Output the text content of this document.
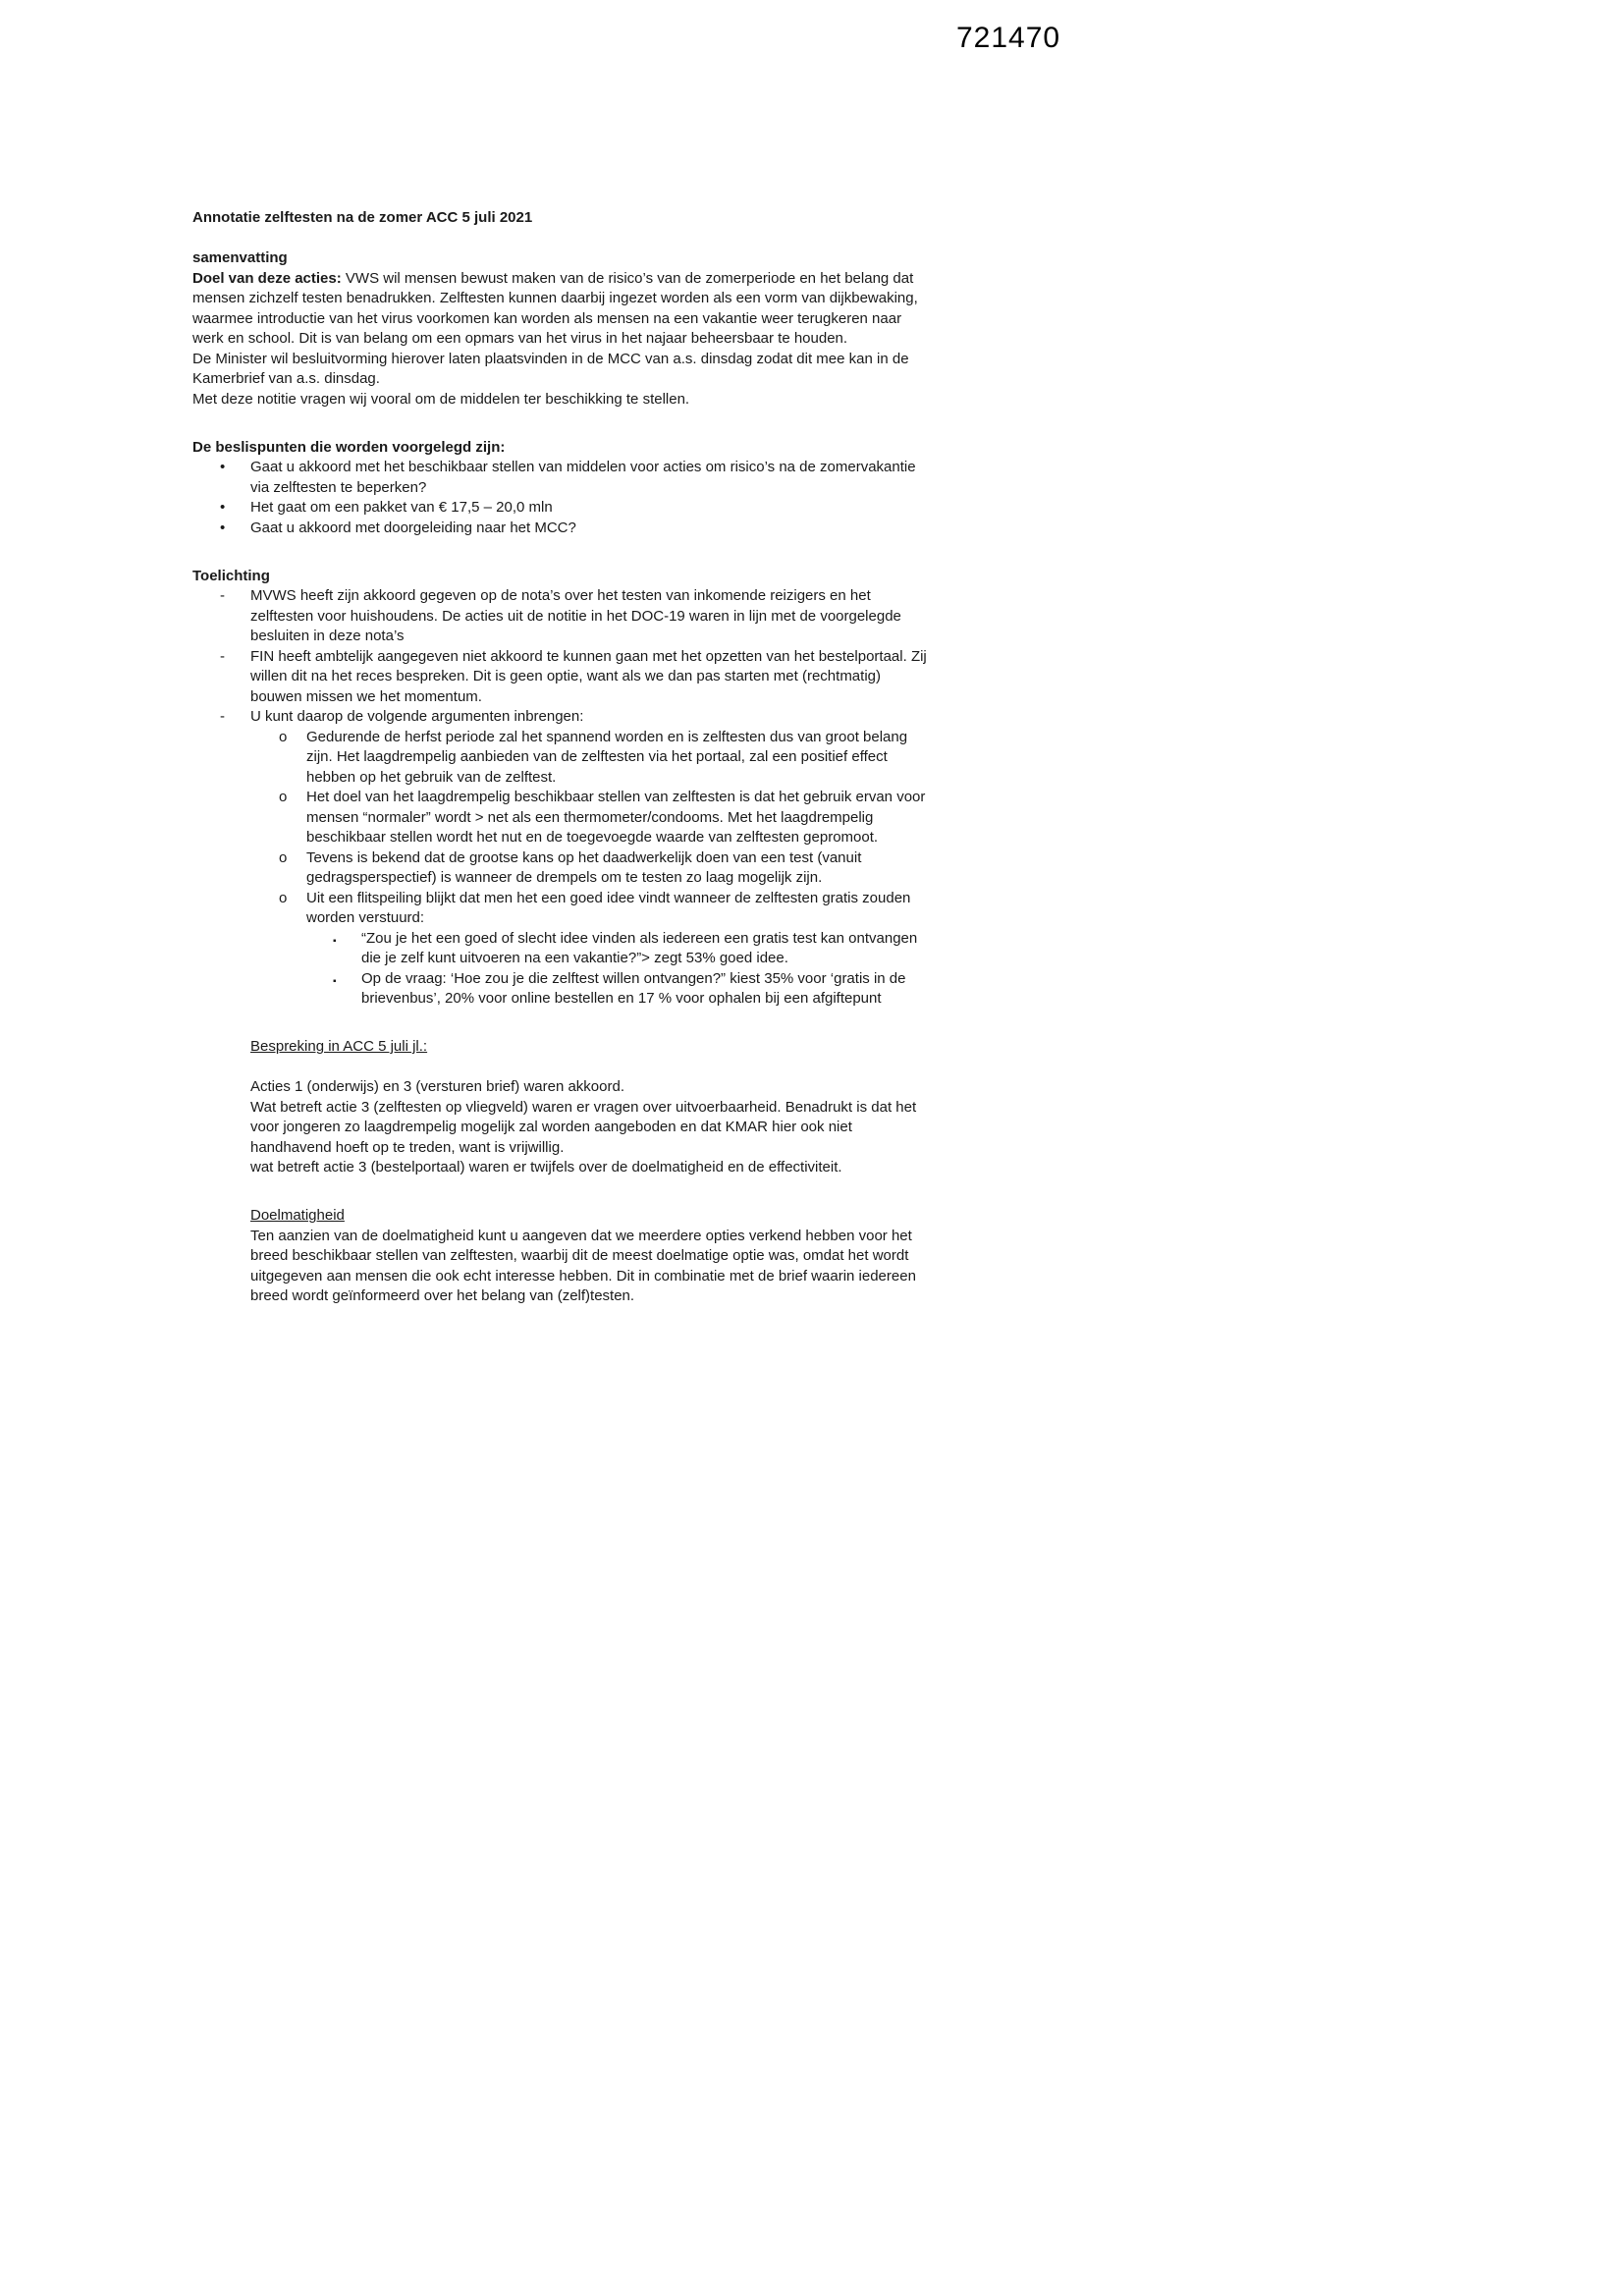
721470

Annotatie zelftesten na de zomer ACC 5 juli 2021

samenvatting

Doel van deze acties: VWS wil mensen bewust maken van de risico’s van de zomerperiode en het belang dat mensen zichzelf testen benadrukken. Zelftesten kunnen daarbij ingezet worden als een vorm van dijkbewaking, waarmee introductie van het virus voorkomen kan worden als mensen na een vakantie weer terugkeren naar werk en school. Dit is van belang om een opmars van het virus in het najaar beheersbaar te houden.

De Minister wil besluitvorming hierover laten plaatsvinden in de MCC van a.s. dinsdag zodat dit mee kan in de Kamerbrief van a.s. dinsdag.

Met deze notitie vragen wij vooral om de middelen ter beschikking te stellen.

De beslispunten die worden voorgelegd zijn:

• Gaat u akkoord met het beschikbaar stellen van middelen voor acties om risico’s na de zomervakantie via zelftesten te beperken?
• Het gaat om een pakket van € 17,5 – 20,0 mln
• Gaat u akkoord met doorgeleiding naar het MCC?

Toelichting

- MVWS heeft zijn akkoord gegeven op de nota’s over het testen van inkomende reizigers en het zelftesten voor huishoudens. De acties uit de notitie in het DOC-19 waren in lijn met de voorgelegde besluiten in deze nota’s
- FIN heeft ambtelijk aangegeven niet akkoord te kunnen gaan met het opzetten van het bestelportaal. Zij willen dit na het reces bespreken. Dit is geen optie, want als we dan pas starten met (rechtmatig) bouwen missen we het momentum.
- U kunt daarop de volgende argumenten inbrengen:
o Gedurende de herfst periode zal het spannend worden en is zelftesten dus van groot belang zijn. Het laagdrempelig aanbieden van de zelftesten via het portaal, zal een positief effect hebben op het gebruik van de zelftest.
o Het doel van het laagdrempelig beschikbaar stellen van zelftesten is dat het gebruik ervan voor mensen “normaler” wordt > net als een thermometer/condooms. Met het laagdrempelig beschikbaar stellen wordt het nut en de toegevoegde waarde van zelftesten gepromoot.
o Tevens is bekend dat de grootse kans op het daadwerkelijk doen van een test (vanuit gedragsperspectief) is wanneer de drempels om te testen zo laag mogelijk zijn.
o Uit een flitspeiling blijkt dat men het een goed idee vindt wanneer de zelftesten gratis zouden worden verstuurd:
▪ “Zou je het een goed of slecht idee vinden als iedereen een gratis test kan ontvangen die je zelf kunt uitvoeren na een vakantie?”> zegt 53% goed idee.
▪ Op de vraag: ‘Hoe zou je die zelftest willen ontvangen?” kiest 35% voor ‘gratis in de brievenbus’, 20% voor online bestellen en 17 % voor ophalen bij een afgiftepunt

Bespreking in ACC 5 juli jl.:

Acties 1 (onderwijs) en 3 (versturen brief) waren akkoord.

Wat betreft actie 3 (zelftesten op vliegveld) waren er vragen over uitvoerbaarheid. Benadrukt is dat het voor jongeren zo laagdrempelig mogelijk zal worden aangeboden en dat KMAR hier ook niet handhavend hoeft op te treden, want is vrijwillig.

wat betreft actie 3 (bestelportaal) waren er twijfels over de doelmatigheid en de effectiviteit.

Doelmatigheid

Ten aanzien van de doelmatigheid kunt u aangeven dat we meerdere opties verkend hebben voor het breed beschikbaar stellen van zelftesten, waarbij dit de meest doelmatige optie was, omdat het wordt uitgegeven aan mensen die ook echt interesse hebben. Dit in combinatie met de brief waarin iedereen breed wordt geïnformeerd over het belang van (zelf)testen.
